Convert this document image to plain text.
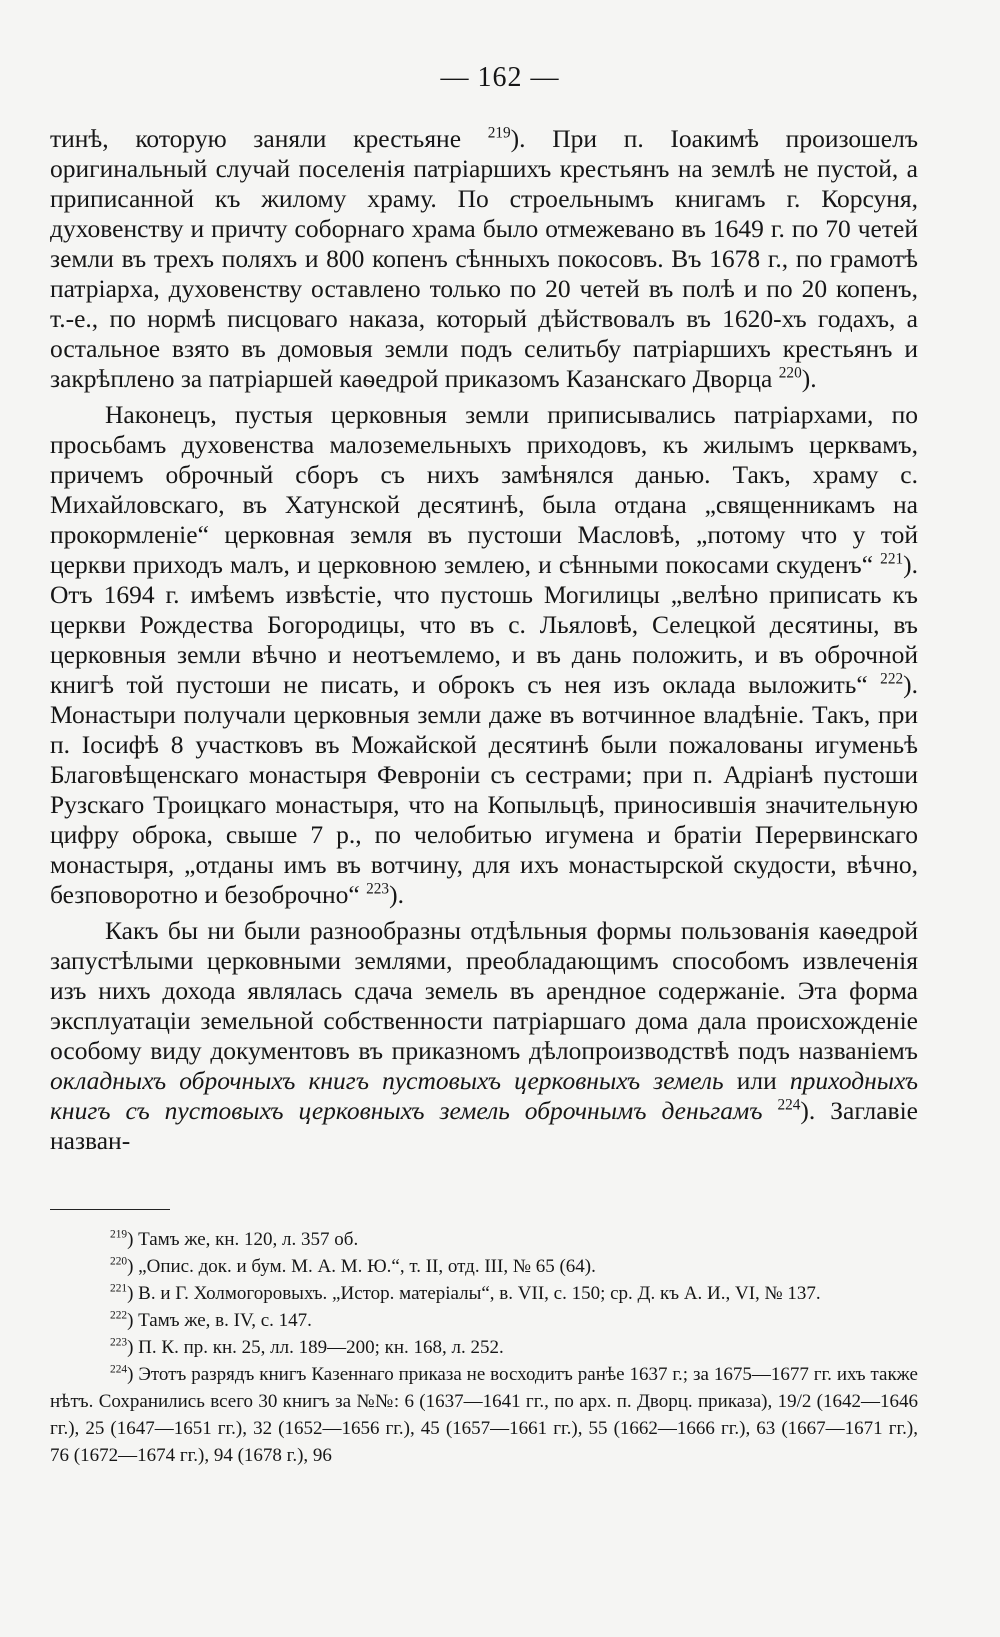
— 162 —

тинѣ, которую заняли крестьяне $^{219}$). При п. Іоакимѣ произошелъ оригинальный случай поселенія патріаршихъ крестьянъ на землѣ не пустой, а приписанной къ жилому храму. По строельнымъ книгамъ г. Корсуня, духовенству и причту соборнаго храма было отмежевано въ 1649 г. по 70 четей земли въ трехъ поляхъ и 800 копенъ сѣнныхъ покосовъ. Въ 1678 г., по грамотѣ патріарха, духовенству оставлено только по 20 четей въ полѣ и по 20 копенъ, т.-е., по нормѣ писцоваго наказа, который дѣйствовалъ въ 1620-хъ годахъ, а остальное взято въ домовыя земли подъ селитьбу патріаршихъ крестьянъ и закрѣплено за патріаршей каѳедрой приказомъ Казанскаго Дворца $^{220}$).

Наконецъ, пустыя церковныя земли приписывались патріархами, по просьбамъ духовенства малоземельныхъ приходовъ, къ жилымъ церквамъ, причемъ оброчный сборъ съ нихъ замѣнялся данью. Такъ, храму с. Михайловскаго, въ Хатунской десятинѣ, была отдана „священникамъ на прокормленіе“ церковная земля въ пустоши Масловѣ, „потому что у той церкви приходъ малъ, и церковною землею, и сѣнными покосами скуденъ“ $^{221}$). Отъ 1694 г. имѣемъ извѣстіе, что пустошь Могилицы „велѣно приписать къ церкви Рождества Богородицы, что въ с. Льяловѣ, Селецкой десятины, въ церковныя земли вѣчно и неотъемлемо, и въ дань положить, и въ оброчной книгѣ той пустоши не писать, и оброкъ съ нея изъ оклада выложить“ $^{222}$). Монастыри получали церковныя земли даже въ вотчинное владѣніе. Такъ, при п. Іосифѣ 8 участковъ въ Можайской десятинѣ были пожалованы игуменьѣ Благовѣщенскаго монастыря Февроніи съ сестрами; при п. Адріанѣ пустоши Рузскаго Троицкаго монастыря, что на Копыльцѣ, приносившія значительную цифру оброка, свыше 7 р., по челобитью игумена и братіи Перервинскаго монастыря, „отданы имъ въ вотчину, для ихъ монастырской скудости, вѣчно, безповоротно и безоброчно“ $^{223}$).

Какъ бы ни были разнообразны отдѣльныя формы пользованія каѳедрой запустѣлыми церковными землями, преобладающимъ способомъ извлеченія изъ нихъ дохода являлась сдача земель въ арендное содержаніе. Эта форма эксплуатаціи земельной собственности патріаршаго дома дала происхожденіе особому виду документовъ въ приказномъ дѣлопроизводствѣ подъ названіемъ окладныхъ оброчныхъ книгъ пустовыхъ церковныхъ земель или приходныхъ книгъ съ пустовыхъ церковныхъ земель оброчнымъ деньгамъ $^{224}$). Заглавіе назван-

$^{219}$) Тамъ же, кн. 120, л. 357 об.

$^{220}$) „Опис. док. и бум. М. А. М. Ю.“, т. II, отд. III, № 65 (64).

$^{221}$) В. и Г. Холмогоровыхъ. „Истор. матеріалы“, в. VII, с. 150; ср. Д. къ А. И., VI, № 137.

$^{222}$) Тамъ же, в. IV, с. 147.

$^{223}$) П. К. пр. кн. 25, лл. 189—200; кн. 168, л. 252.

$^{224}$) Этотъ разрядъ книгъ Казеннаго приказа не восходитъ ранѣе 1637 г.; за 1675—1677 гг. ихъ также нѣтъ. Сохранились всего 30 книгъ за №№: 6 (1637—1641 гг., по арх. п. Дворц. приказа), 19/2 (1642—1646 гг.), 25 (1647—1651 гг.), 32 (1652—1656 гг.), 45 (1657—1661 гг.), 55 (1662—1666 гг.), 63 (1667—1671 гг.), 76 (1672—1674 гг.), 94 (1678 г.), 96
